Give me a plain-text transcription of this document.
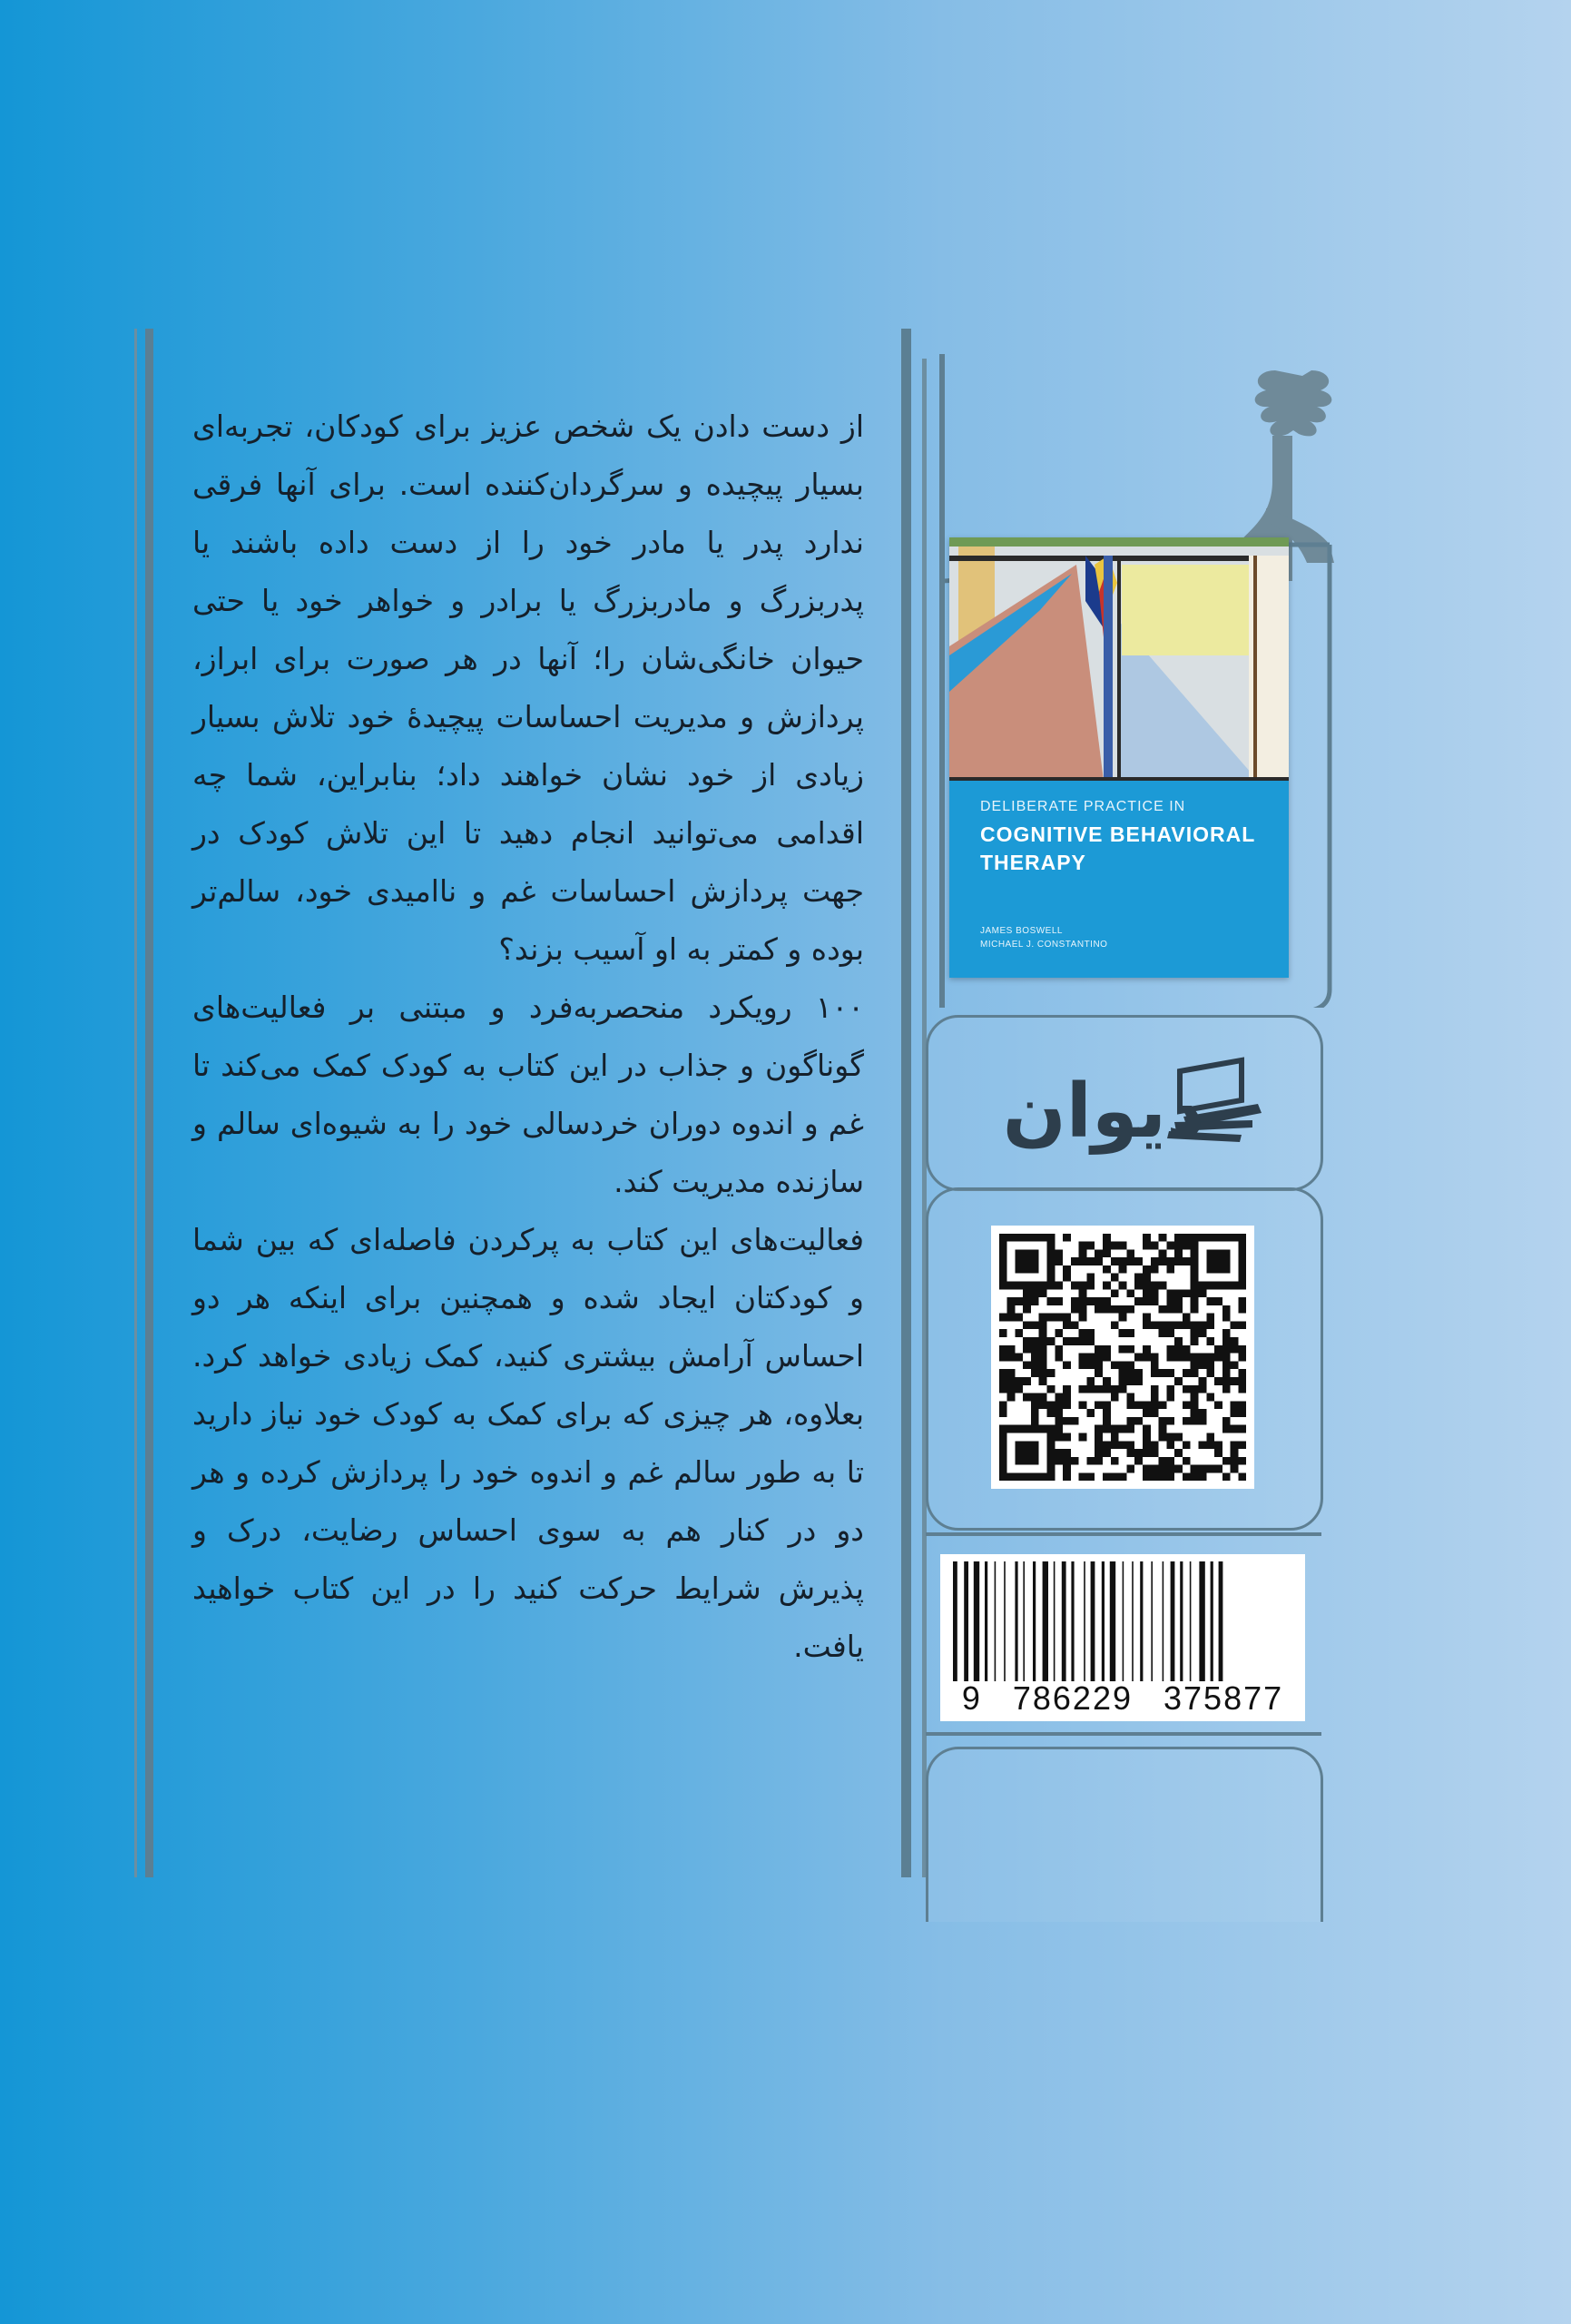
از دست دادن یک شخص عزیز برای کودکان، تجربه‌ای بسیار پیچیده و سرگردان‌کننده است. برای آنها فرقی ندارد پدر یا مادر خود را از دست داده باشند یا پدربزرگ و مادربزرگ یا برادر و خواهر خود یا حتی حیوان خانگی‌شان را؛ آنها در هر صورت برای ابراز، پردازش و مدیریت احساسات پیچیدهٔ خود تلاش بسیار زیادی از خود نشان خواهند داد؛ بنابراین، شما چه اقدامی می‌توانید انجام دهید تا این تلاش کودک در جهت پردازش احساسات غم و ناامیدی خود، سالم‌تر بوده و کمتر به او آسیب بزند؟

۱۰۰ رویکرد منحصربه‌فرد و مبتنی بر فعالیت‌های گوناگون و جذاب در این کتاب به کودک کمک می‌کند تا غم و اندوه دوران خردسالی خود را به شیوه‌ای سالم و سازنده مدیریت کند.

فعالیت‌های این کتاب به پرکردن فاصله‌ای که بین شما و کودکتان ایجاد شده و همچنین برای اینکه هر دو احساس آرامش بیشتری کنید، کمک زیادی خواهد کرد. بعلاوه، هر چیزی که برای کمک به کودک خود نیاز دارید تا به طور سالم غم و اندوه خود را پردازش کرده و هر دو در کنار هم به سوی احساس رضایت، درک و پذیرش شرایط حرکت کنید را در این کتاب خواهید یافت.

DELIBERATE PRACTICE IN
COGNITIVE BEHAVIORAL THERAPY
JAMES BOSWELL
MICHAEL J. CONSTANTINO
دیوان
9 786229 375877
